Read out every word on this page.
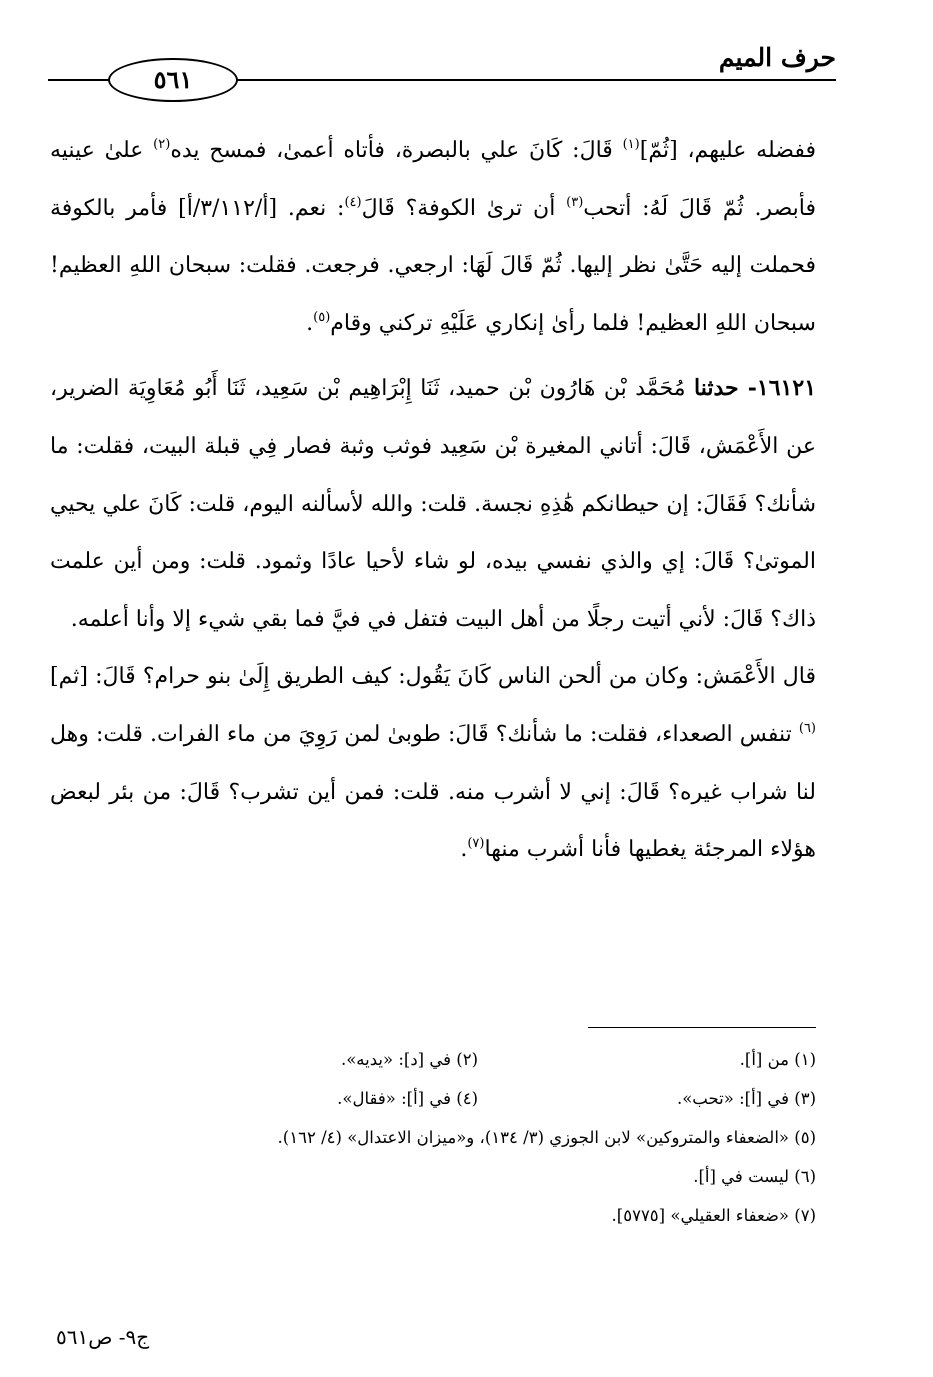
حرف الميم
٥٦١

ففضله عليهم، [ثُمّ]$^{(١)}$ قَالَ: كَانَ علي بالبصرة، فأتاه أعمىٰ، فمسح يده$^{(٢)}$ علىٰ عينيه فأبصر. ثُمّ قَالَ لَهُ: أتحب$^{(٣)}$ أن ترىٰ الكوفة؟ قَالَ$^{(٤)}$: نعم. [أ/٣/١١٢/أ] فأمر بالكوفة فحملت إليه حَتَّىٰ نظر إليها. ثُمّ قَالَ لَهَا: ارجعي. فرجعت. فقلت: سبحان اللهِ العظيم! سبحان اللهِ العظيم! فلما رأىٰ إنكاري عَلَيْهِ تركني وقام$^{(٥)}$.

١٦١٢١- حدثنا مُحَمَّد بْن هَارُون بْن حميد، ثَنَا إِبْرَاهِيم بْن سَعِيد، ثَنَا أَبُو مُعَاوِيَة الضرير، عن الأَعْمَش، قَالَ: أتاني المغيرة بْن سَعِيد فوثب وثبة فصار فِي قبلة البيت، فقلت: ما شأنك؟ فَقَالَ: إن حيطانكم هَٰذِهِ نجسة. قلت: والله لأسألنه اليوم، قلت: كَانَ علي يحيي الموتىٰ؟ قَالَ: إي والذي نفسي بيده، لو شاء لأحيا عادًا وثمود. قلت: ومن أين علمت ذاك؟ قَالَ: لأني أتيت رجلًا من أهل البيت فتفل في فيَّ فما بقي شيء إلا وأنا أعلمه.

قال الأَعْمَش: وكان من ألحن الناس كَانَ يَقُول: كيف الطريق إِلَىٰ بنو حرام؟ قَالَ: [ثم]$^{(٦)}$ تنفس الصعداء، فقلت: ما شأنك؟ قَالَ: طوبىٰ لمن رَوِيَ من ماء الفرات. قلت: وهل لنا شراب غيره؟ قَالَ: إني لا أشرب منه. قلت: فمن أين تشرب؟ قَالَ: من بئر لبعض هؤلاء المرجئة يغطيها فأنا أشرب منها$^{(٧)}$.

(١) من [أ].
(٢) في [د]: «يديه».
(٣) في [أ]: «تحب».
(٤) في [أ]: «فقال».
(٥) «الضعفاء والمتروكين» لابن الجوزي (٣/ ١٣٤)، و«ميزان الاعتدال» (٤/ ١٦٢).
(٦) ليست في [أ].
(٧) «ضعفاء العقيلي» [٥٧٧٥].
ج٩- ص٥٦١
